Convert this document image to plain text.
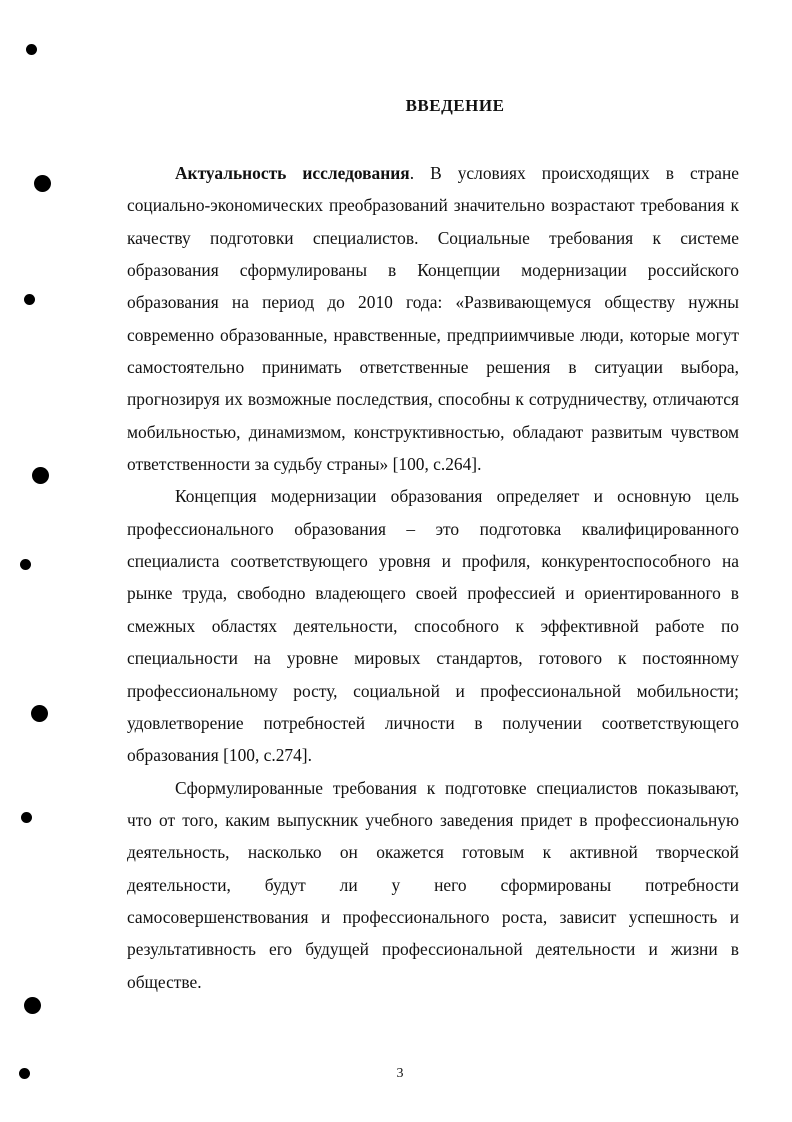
ВВЕДЕНИЕ

Актуальность исследования. В условиях происходящих в стране социально-экономических преобразований значительно возрастают требования к качеству подготовки специалистов. Социальные требования к системе образования сформулированы в Концепции модернизации российского образования на период до 2010 года: «Развивающемуся обществу нужны современно образованные, нравственные, предприимчивые люди, которые могут самостоятельно принимать ответственные решения в ситуации выбора, прогнозируя их возможные последствия, способны к сотрудничеству, отличаются мобильностью, динамизмом, конструктивностью, обладают развитым чувством ответственности за судьбу страны» [100, с.264].

Концепция модернизации образования определяет и основную цель профессионального образования – это подготовка квалифицированного специалиста соответствующего уровня и профиля, конкурентоспособного на рынке труда, свободно владеющего своей профессией и ориентированного в смежных областях деятельности, способного к эффективной работе по специальности на уровне мировых стандартов, готового к постоянному профессиональному росту, социальной и профессиональной мобильности; удовлетворение потребностей личности в получении соответствующего образования [100, с.274].

Сформулированные требования к подготовке специалистов показывают, что от того, каким выпускник учебного заведения придет в профессиональную деятельность, насколько он окажется готовым к активной творческой деятельности, будут ли у него сформированы потребности самосовершенствования и профессионального роста, зависит успешность и результативность его будущей профессиональной деятельности и жизни в обществе.

3
